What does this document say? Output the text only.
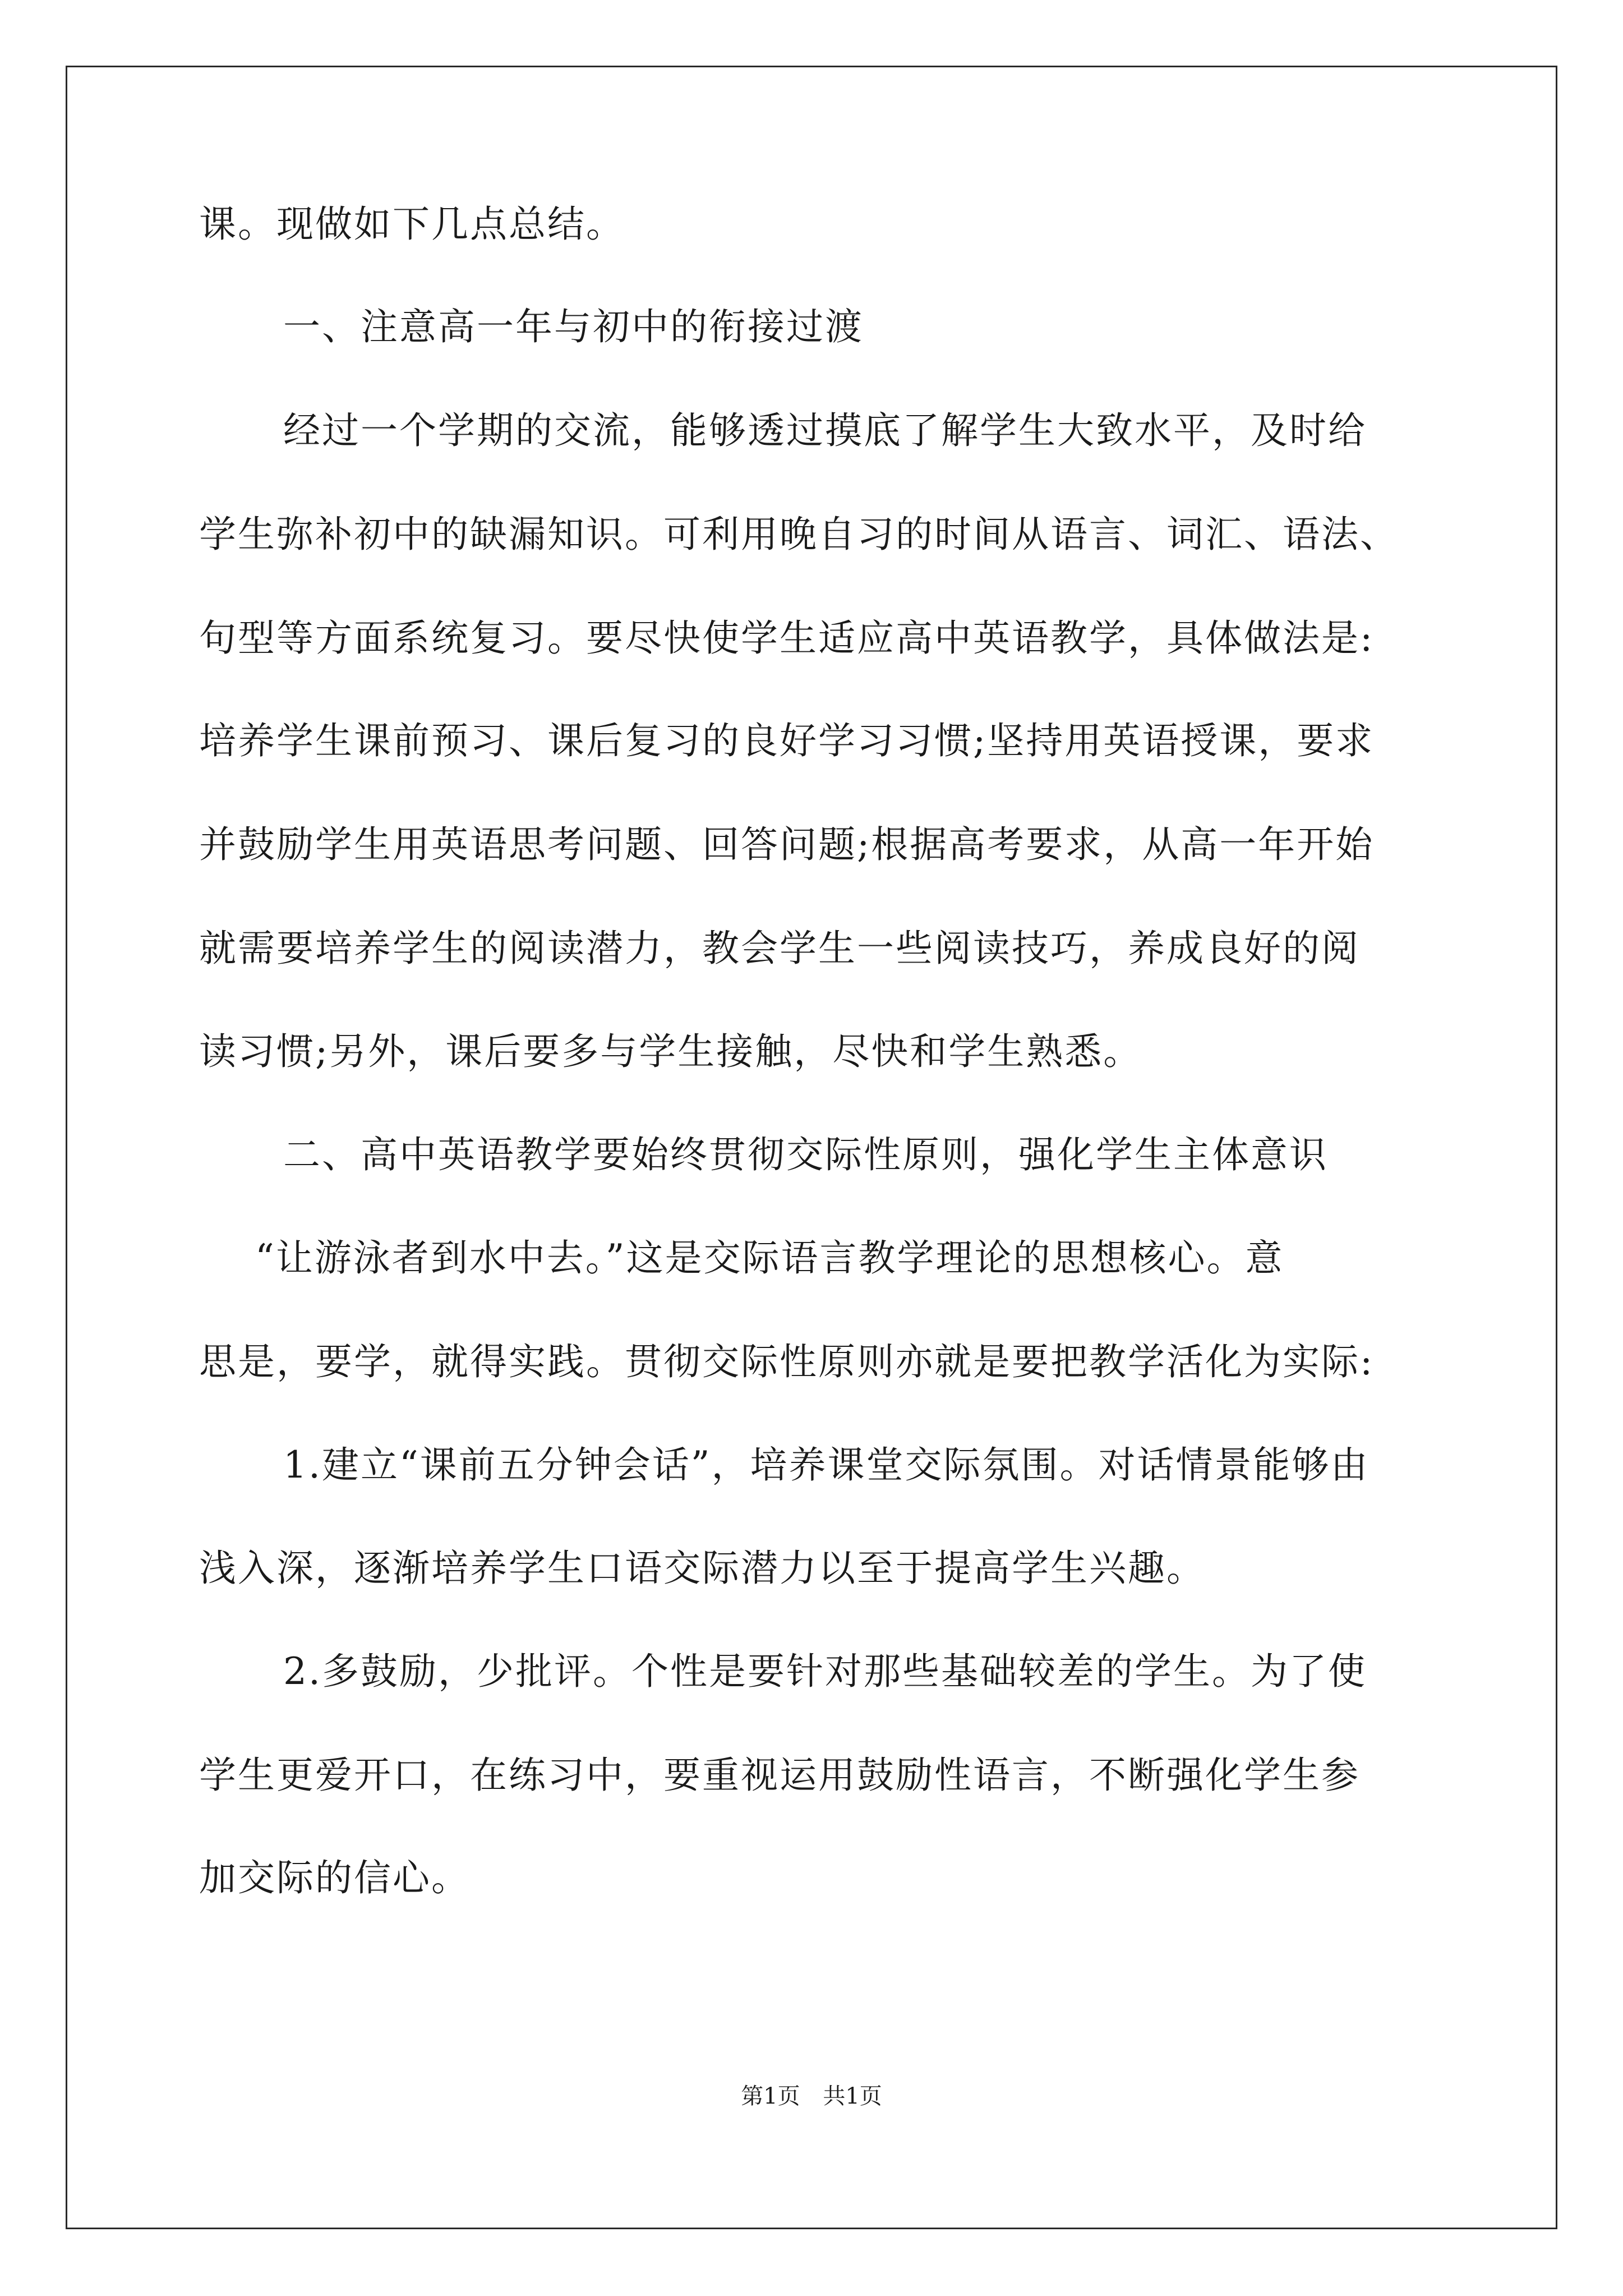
课。现做如下几点总结。
一、注意高一年与初中的衔接过渡
经过一个学期的交流，能够透过摸底了解学生大致水平，及时给
学生弥补初中的缺漏知识。可利用晚自习的时间从语言、词汇、语法、
句型等方面系统复习。要尽快使学生适应高中英语教学，具体做法是:
培养学生课前预习、课后复习的良好学习习惯;坚持用英语授课，要求
并鼓励学生用英语思考问题、回答问题;根据高考要求，从高一年开始
就需要培养学生的阅读潜力，教会学生一些阅读技巧，养成良好的阅
读习惯;另外，课后要多与学生接触，尽快和学生熟悉。
二、高中英语教学要始终贯彻交际性原则，强化学生主体意识
“让游泳者到水中去。”这是交际语言教学理论的思想核心。意
思是，要学，就得实践。贯彻交际性原则亦就是要把教学活化为实际:
1.建立“课前五分钟会话”，培养课堂交际氛围。对话情景能够由
浅入深，逐渐培养学生口语交际潜力以至于提高学生兴趣。
2.多鼓励，少批评。个性是要针对那些基础较差的学生。为了使
学生更爱开口，在练习中，要重视运用鼓励性语言，不断强化学生参
加交际的信心。
第1页 共1页
